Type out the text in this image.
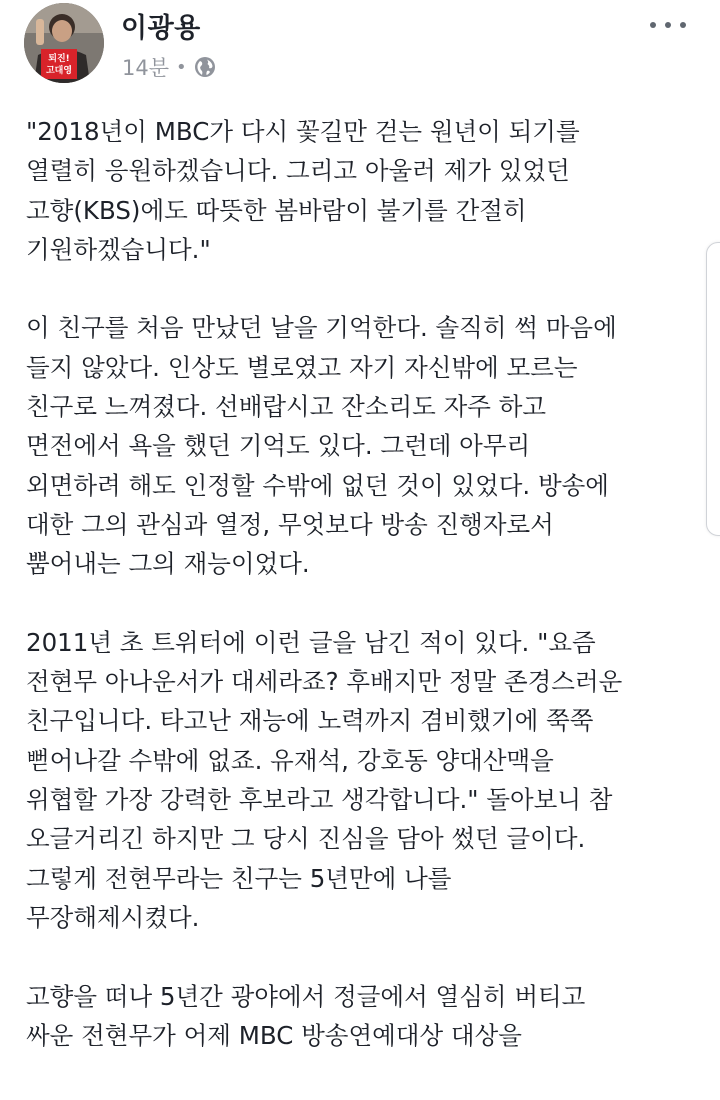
퇴진!
고대영
이광용
14분 •

"2018년이 MBC가 다시 꽃길만 걷는 원년이 되기를
열렬히 응원하겠습니다. 그리고 아울러 제가 있었던
고향(KBS)에도 따뜻한 봄바람이 불기를 간절히
기원하겠습니다."

이 친구를 처음 만났던 날을 기억한다. 솔직히 썩 마음에
들지 않았다. 인상도 별로였고 자기 자신밖에 모르는
친구로 느껴졌다. 선배랍시고 잔소리도 자주 하고
면전에서 욕을 했던 기억도 있다. 그런데 아무리
외면하려 해도 인정할 수밖에 없던 것이 있었다. 방송에
대한 그의 관심과 열정, 무엇보다 방송 진행자로서
뿜어내는 그의 재능이었다.

2011년 초 트위터에 이런 글을 남긴 적이 있다. "요즘
전현무 아나운서가 대세라죠? 후배지만 정말 존경스러운
친구입니다. 타고난 재능에 노력까지 겸비했기에 쭉쭉
뻗어나갈 수밖에 없죠. 유재석, 강호동 양대산맥을
위협할 가장 강력한 후보라고 생각합니다." 돌아보니 참
오글거리긴 하지만 그 당시 진심을 담아 썼던 글이다.
그렇게 전현무라는 친구는 5년만에 나를
무장해제시켰다.

고향을 떠나 5년간 광야에서 정글에서 열심히 버티고
싸운 전현무가 어제 MBC 방송연예대상 대상을
